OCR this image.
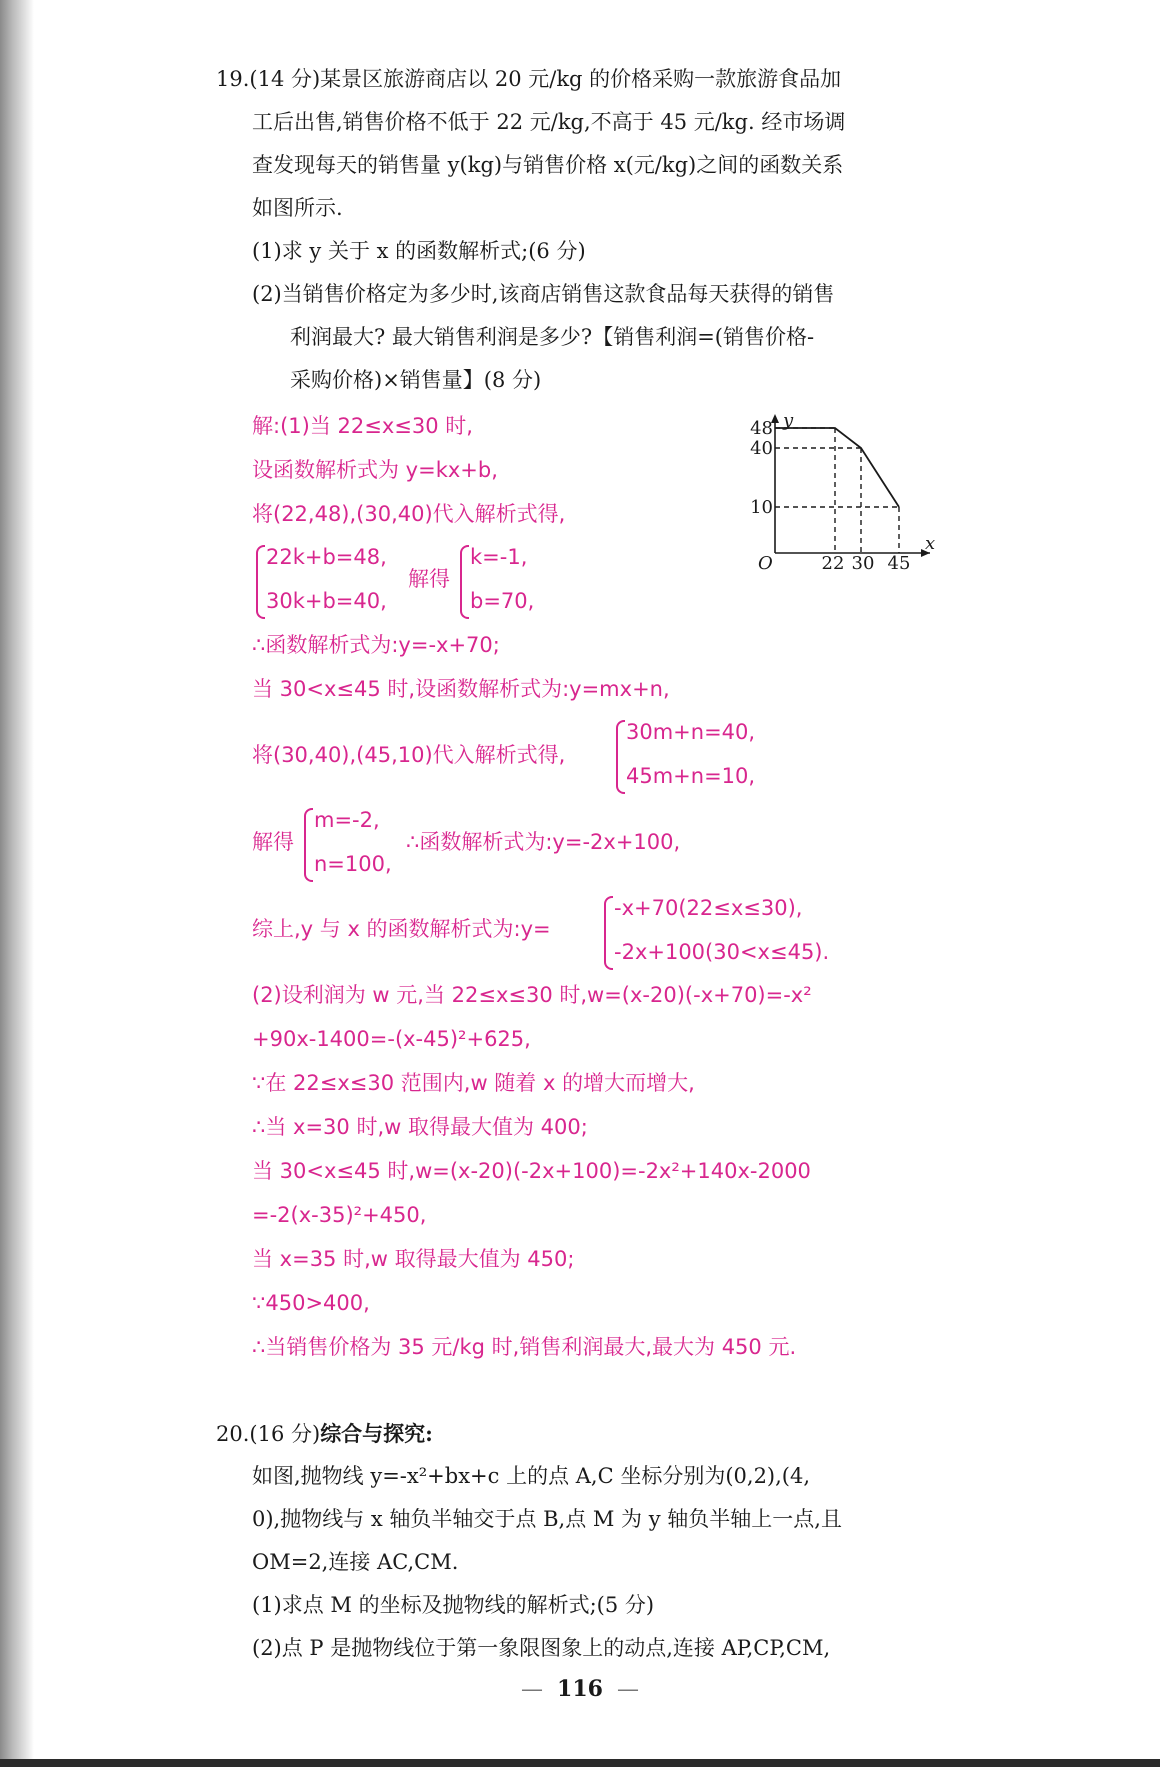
19.(14 分)某景区旅游商店以 20 元/kg 的价格采购一款旅游食品加
工后出售,销售价格不低于 22 元/kg,不高于 45 元/kg. 经市场调
查发现每天的销售量 y(kg)与销售价格 x(元/kg)之间的函数关系
如图所示.
(1)求 y 关于 x 的函数解析式;(6 分)
(2)当销售价格定为多少时,该商店销售这款食品每天获得的销售
利润最大? 最大销售利润是多少?【销售利润=(销售价格-
采购价格)×销售量】(8 分)
y
x
O
48
40
10
22 30 45
解:(1)当 22≤x≤30 时,
设函数解析式为 y=kx+b,
将(22,48),(30,40)代入解析式得,
22k+b=48,
30k+b=40,
解得
k=-1,
b=70,
∴函数解析式为:y=-x+70;
当 30<x≤45 时,设函数解析式为:y=mx+n,
将(30,40),(45,10)代入解析式得,
30m+n=40,
45m+n=10,
解得
m=-2,
n=100,
∴函数解析式为:y=-2x+100,
综上,y 与 x 的函数解析式为:y=
-x+70(22≤x≤30),
-2x+100(30<x≤45).
(2)设利润为 w 元,当 22≤x≤30 时,w=(x-20)(-x+70)=-x²
+90x-1400=-(x-45)²+625,
∵在 22≤x≤30 范围内,w 随着 x 的增大而增大,
∴当 x=30 时,w 取得最大值为 400;
当 30<x≤45 时,w=(x-20)(-2x+100)=-2x²+140x-2000
=-2(x-35)²+450,
当 x=35 时,w 取得最大值为 450;
∵450>400,
∴当销售价格为 35 元/kg 时,销售利润最大,最大为 450 元.
20.(16 分)综合与探究:
如图,抛物线 y=-x²+bx+c 上的点 A,C 坐标分别为(0,2),(4,
0),抛物线与 x 轴负半轴交于点 B,点 M 为 y 轴负半轴上一点,且
OM=2,连接 AC,CM.
(1)求点 M 的坐标及抛物线的解析式;(5 分)
(2)点 P 是抛物线位于第一象限图象上的动点,连接 AP,CP,CM,
— 116 —
